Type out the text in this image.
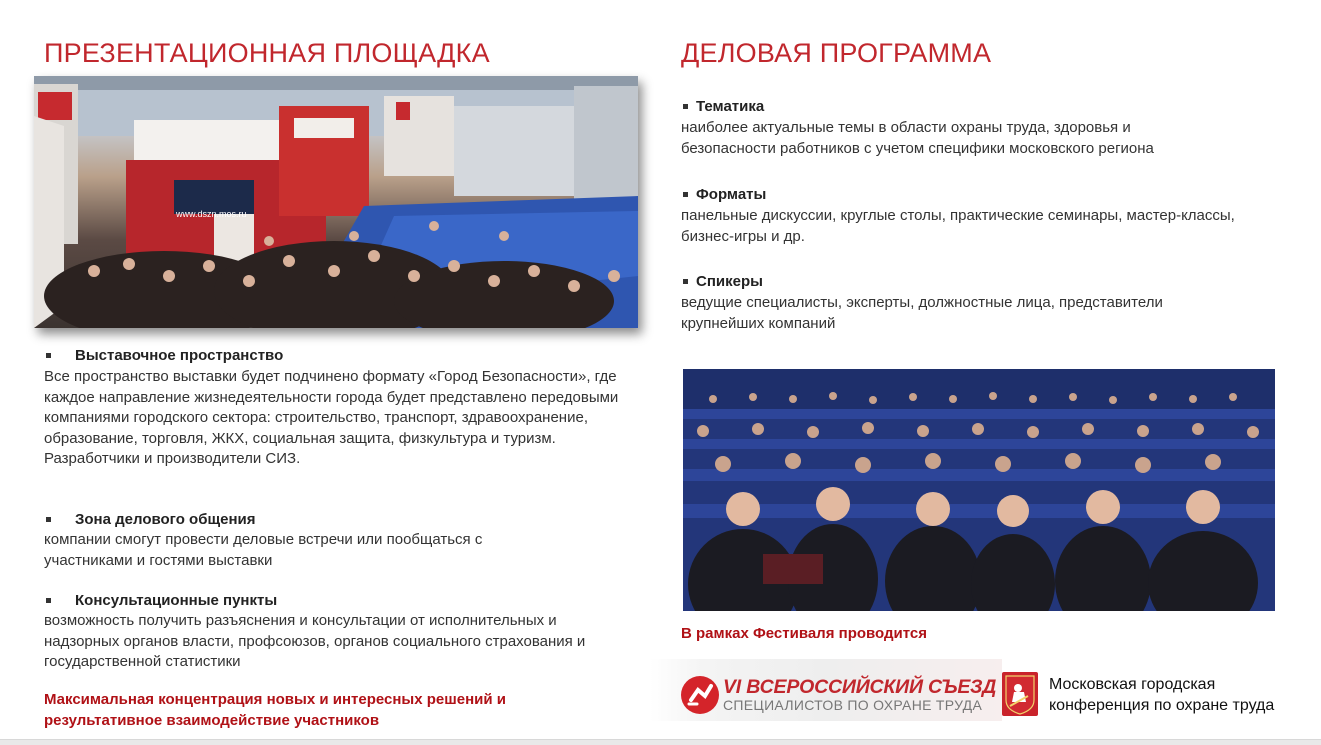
ПРЕЗЕНТАЦИОННАЯ ПЛОЩАДКА
www.dszn.mos.ru
Выставочное пространство
Все пространство выставки будет подчинено формату «Город Безопасности», где каждое направление жизнедеятельности города будет представлено передовыми компаниями городского сектора: строительство, транспорт, здравоохранение, образование, торговля, ЖКХ, социальная защита, физкультура и туризм.
Разработчики и производители СИЗ.
Зона делового общения
компании смогут провести деловые встречи или пообщаться с участниками и гостями выставки
Консультационные пункты
возможность получить разъяснения и консультации от исполнительных и надзорных органов власти, профсоюзов, органов социального страхования и государственной статистики
Максимальная концентрация новых и интересных решений и результативное взаимодействие участников
ДЕЛОВАЯ ПРОГРАММА
Тематика
наиболее актуальные темы в области охраны труда, здоровья и безопасности работников с учетом специфики московского региона
Форматы
панельные дискуссии, круглые столы, практические семинары, мастер-классы, бизнес-игры и др.
Спикеры
ведущие специалисты, эксперты, должностные лица, представители крупнейших компаний
В рамках Фестиваля проводится
VI ВСЕРОССИЙСКИЙ СЪЕЗД
СПЕЦИАЛИСТОВ ПО ОХРАНЕ ТРУДА
Московская городская конференция по охране труда
